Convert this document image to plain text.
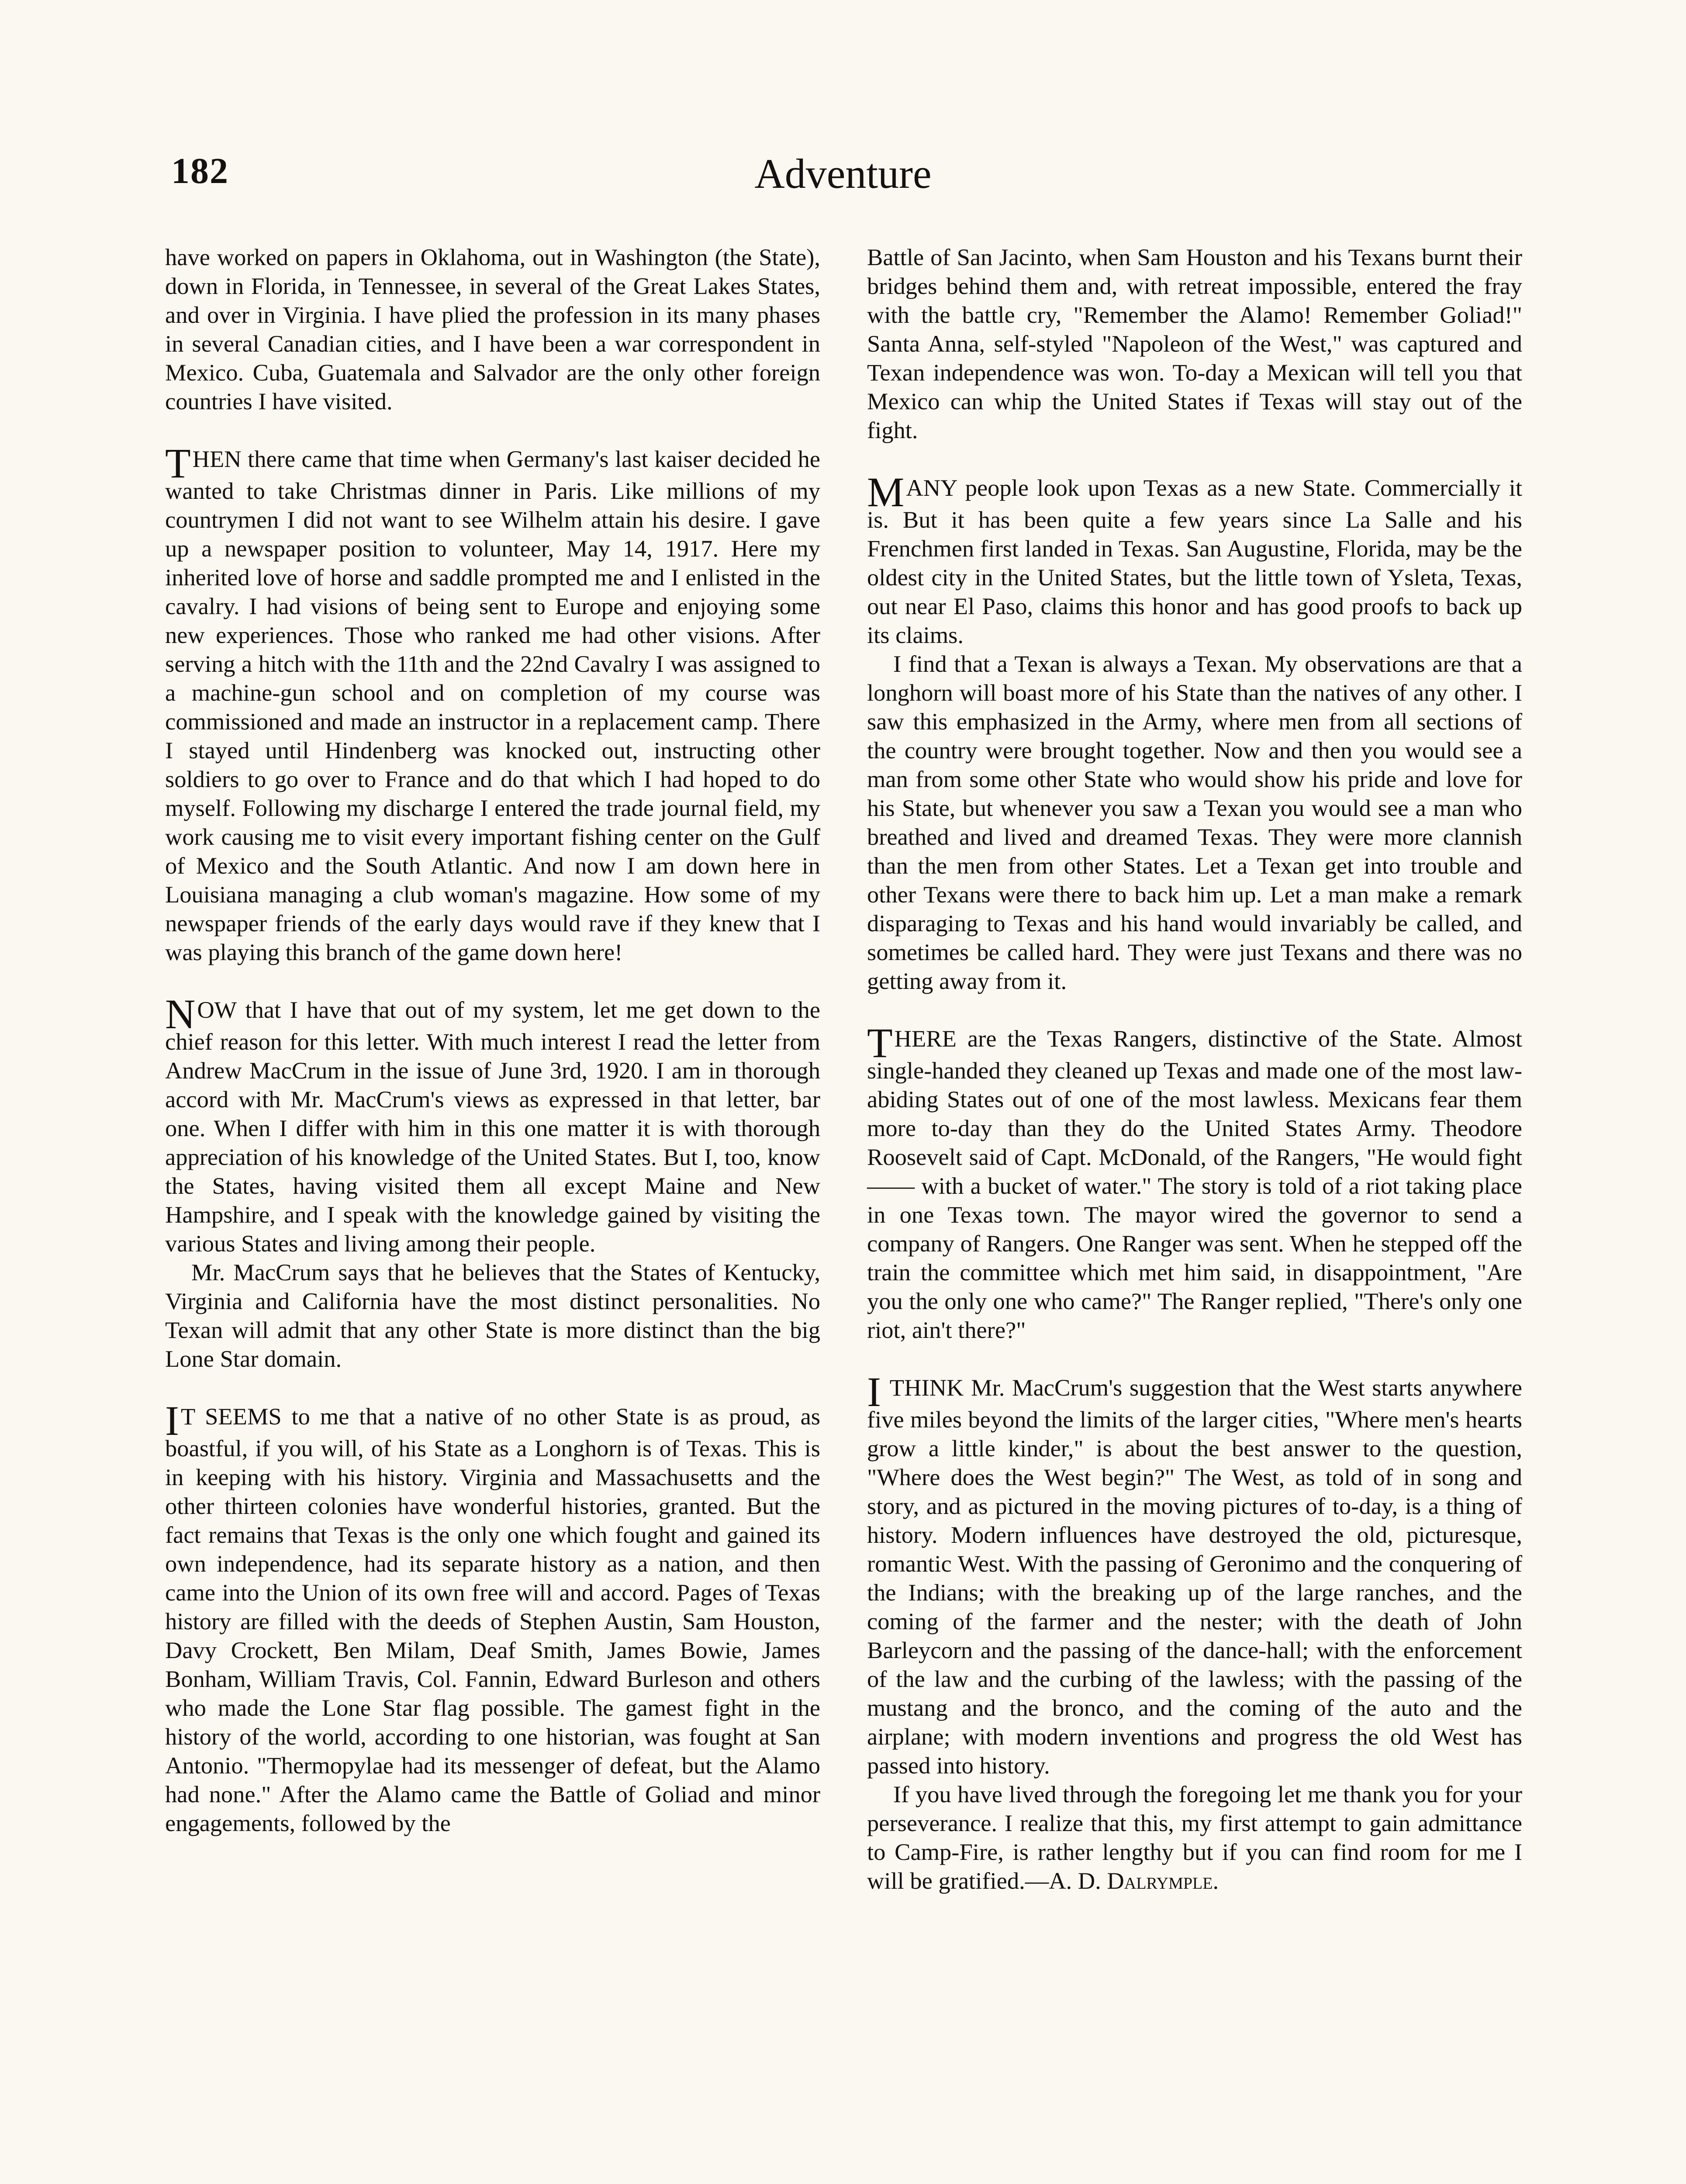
182	Adventure

have worked on papers in Oklahoma, out in Washington (the State), down in Florida, in Tennessee, in several of the Great Lakes States, and over in Virginia. I have plied the profession in its many phases in several Canadian cities, and I have been a war correspondent in Mexico. Cuba, Guatemala and Salvador are the only other foreign countries I have visited.

THEN there came that time when Germany's last kaiser decided he wanted to take Christmas dinner in Paris. Like millions of my countrymen I did not want to see Wilhelm attain his desire. I gave up a newspaper position to volunteer, May 14, 1917. Here my inherited love of horse and saddle prompted me and I enlisted in the cavalry. I had visions of being sent to Europe and enjoying some new experiences. Those who ranked me had other visions. After serving a hitch with the 11th and the 22nd Cavalry I was assigned to a machine-gun school and on completion of my course was commissioned and made an instructor in a replacement camp. There I stayed until Hindenberg was knocked out, instructing other soldiers to go over to France and do that which I had hoped to do myself. Following my discharge I entered the trade journal field, my work causing me to visit every important fishing center on the Gulf of Mexico and the South Atlantic. And now I am down here in Louisiana managing a club woman's magazine. How some of my newspaper friends of the early days would rave if they knew that I was playing this branch of the game down here!

NOW that I have that out of my system, let me get down to the chief reason for this letter. With much interest I read the letter from Andrew MacCrum in the issue of June 3rd, 1920. I am in thorough accord with Mr. MacCrum's views as expressed in that letter, bar one. When I differ with him in this one matter it is with thorough appreciation of his knowledge of the United States. But I, too, know the States, having visited them all except Maine and New Hampshire, and I speak with the knowledge gained by visiting the various States and living among their people.

Mr. MacCrum says that he believes that the States of Kentucky, Virginia and California have the most distinct personalities. No Texan will admit that any other State is more distinct than the big Lone Star domain.

IT SEEMS to me that a native of no other State is as proud, as boastful, if you will, of his State as a Longhorn is of Texas. This is in keeping with his history. Virginia and Massachusetts and the other thirteen colonies have wonderful histories, granted. But the fact remains that Texas is the only one which fought and gained its own independence, had its separate history as a nation, and then came into the Union of its own free will and accord. Pages of Texas history are filled with the deeds of Stephen Austin, Sam Houston, Davy Crockett, Ben Milam, Deaf Smith, James Bowie, James Bonham, William Travis, Col. Fannin, Edward Burleson and others who made the Lone Star flag possible. The gamest fight in the history of the world, according to one historian, was fought at San Antonio. "Thermopylae had its messenger of defeat, but the Alamo had none." After the Alamo came the Battle of Goliad and minor engagements, followed by the

Battle of San Jacinto, when Sam Houston and his Texans burnt their bridges behind them and, with retreat impossible, entered the fray with the battle cry, "Remember the Alamo! Remember Goliad!" Santa Anna, self-styled "Napoleon of the West," was captured and Texan independence was won. To-day a Mexican will tell you that Mexico can whip the United States if Texas will stay out of the fight.

MANY people look upon Texas as a new State. Commercially it is. But it has been quite a few years since La Salle and his Frenchmen first landed in Texas. San Augustine, Florida, may be the oldest city in the United States, but the little town of Ysleta, Texas, out near El Paso, claims this honor and has good proofs to back up its claims.

I find that a Texan is always a Texan. My observations are that a longhorn will boast more of his State than the natives of any other. I saw this emphasized in the Army, where men from all sections of the country were brought together. Now and then you would see a man from some other State who would show his pride and love for his State, but whenever you saw a Texan you would see a man who breathed and lived and dreamed Texas. They were more clannish than the men from other States. Let a Texan get into trouble and other Texans were there to back him up. Let a man make a remark disparaging to Texas and his hand would invariably be called, and sometimes be called hard. They were just Texans and there was no getting away from it.

THERE are the Texas Rangers, distinctive of the State. Almost single-handed they cleaned up Texas and made one of the most law-abiding States out of one of the most lawless. Mexicans fear them more to-day than they do the United States Army. Theodore Roosevelt said of Capt. McDonald, of the Rangers, "He would fight —— with a bucket of water." The story is told of a riot taking place in one Texas town. The mayor wired the governor to send a company of Rangers. One Ranger was sent. When he stepped off the train the committee which met him said, in disappointment, "Are you the only one who came?" The Ranger replied, "There's only one riot, ain't there?"

I THINK Mr. MacCrum's suggestion that the West starts anywhere five miles beyond the limits of the larger cities, "Where men's hearts grow a little kinder," is about the best answer to the question, "Where does the West begin?" The West, as told of in song and story, and as pictured in the moving pictures of to-day, is a thing of history. Modern influences have destroyed the old, picturesque, romantic West. With the passing of Geronimo and the conquering of the Indians; with the breaking up of the large ranches, and the coming of the farmer and the nester; with the death of John Barleycorn and the passing of the dance-hall; with the enforcement of the law and the curbing of the lawless; with the passing of the mustang and the bronco, and the coming of the auto and the airplane; with modern inventions and progress the old West has passed into history.

If you have lived through the foregoing let me thank you for your perseverance. I realize that this, my first attempt to gain admittance to Camp-Fire, is rather lengthy but if you can find room for me I will be gratified.—A. D. Dalrymple.
